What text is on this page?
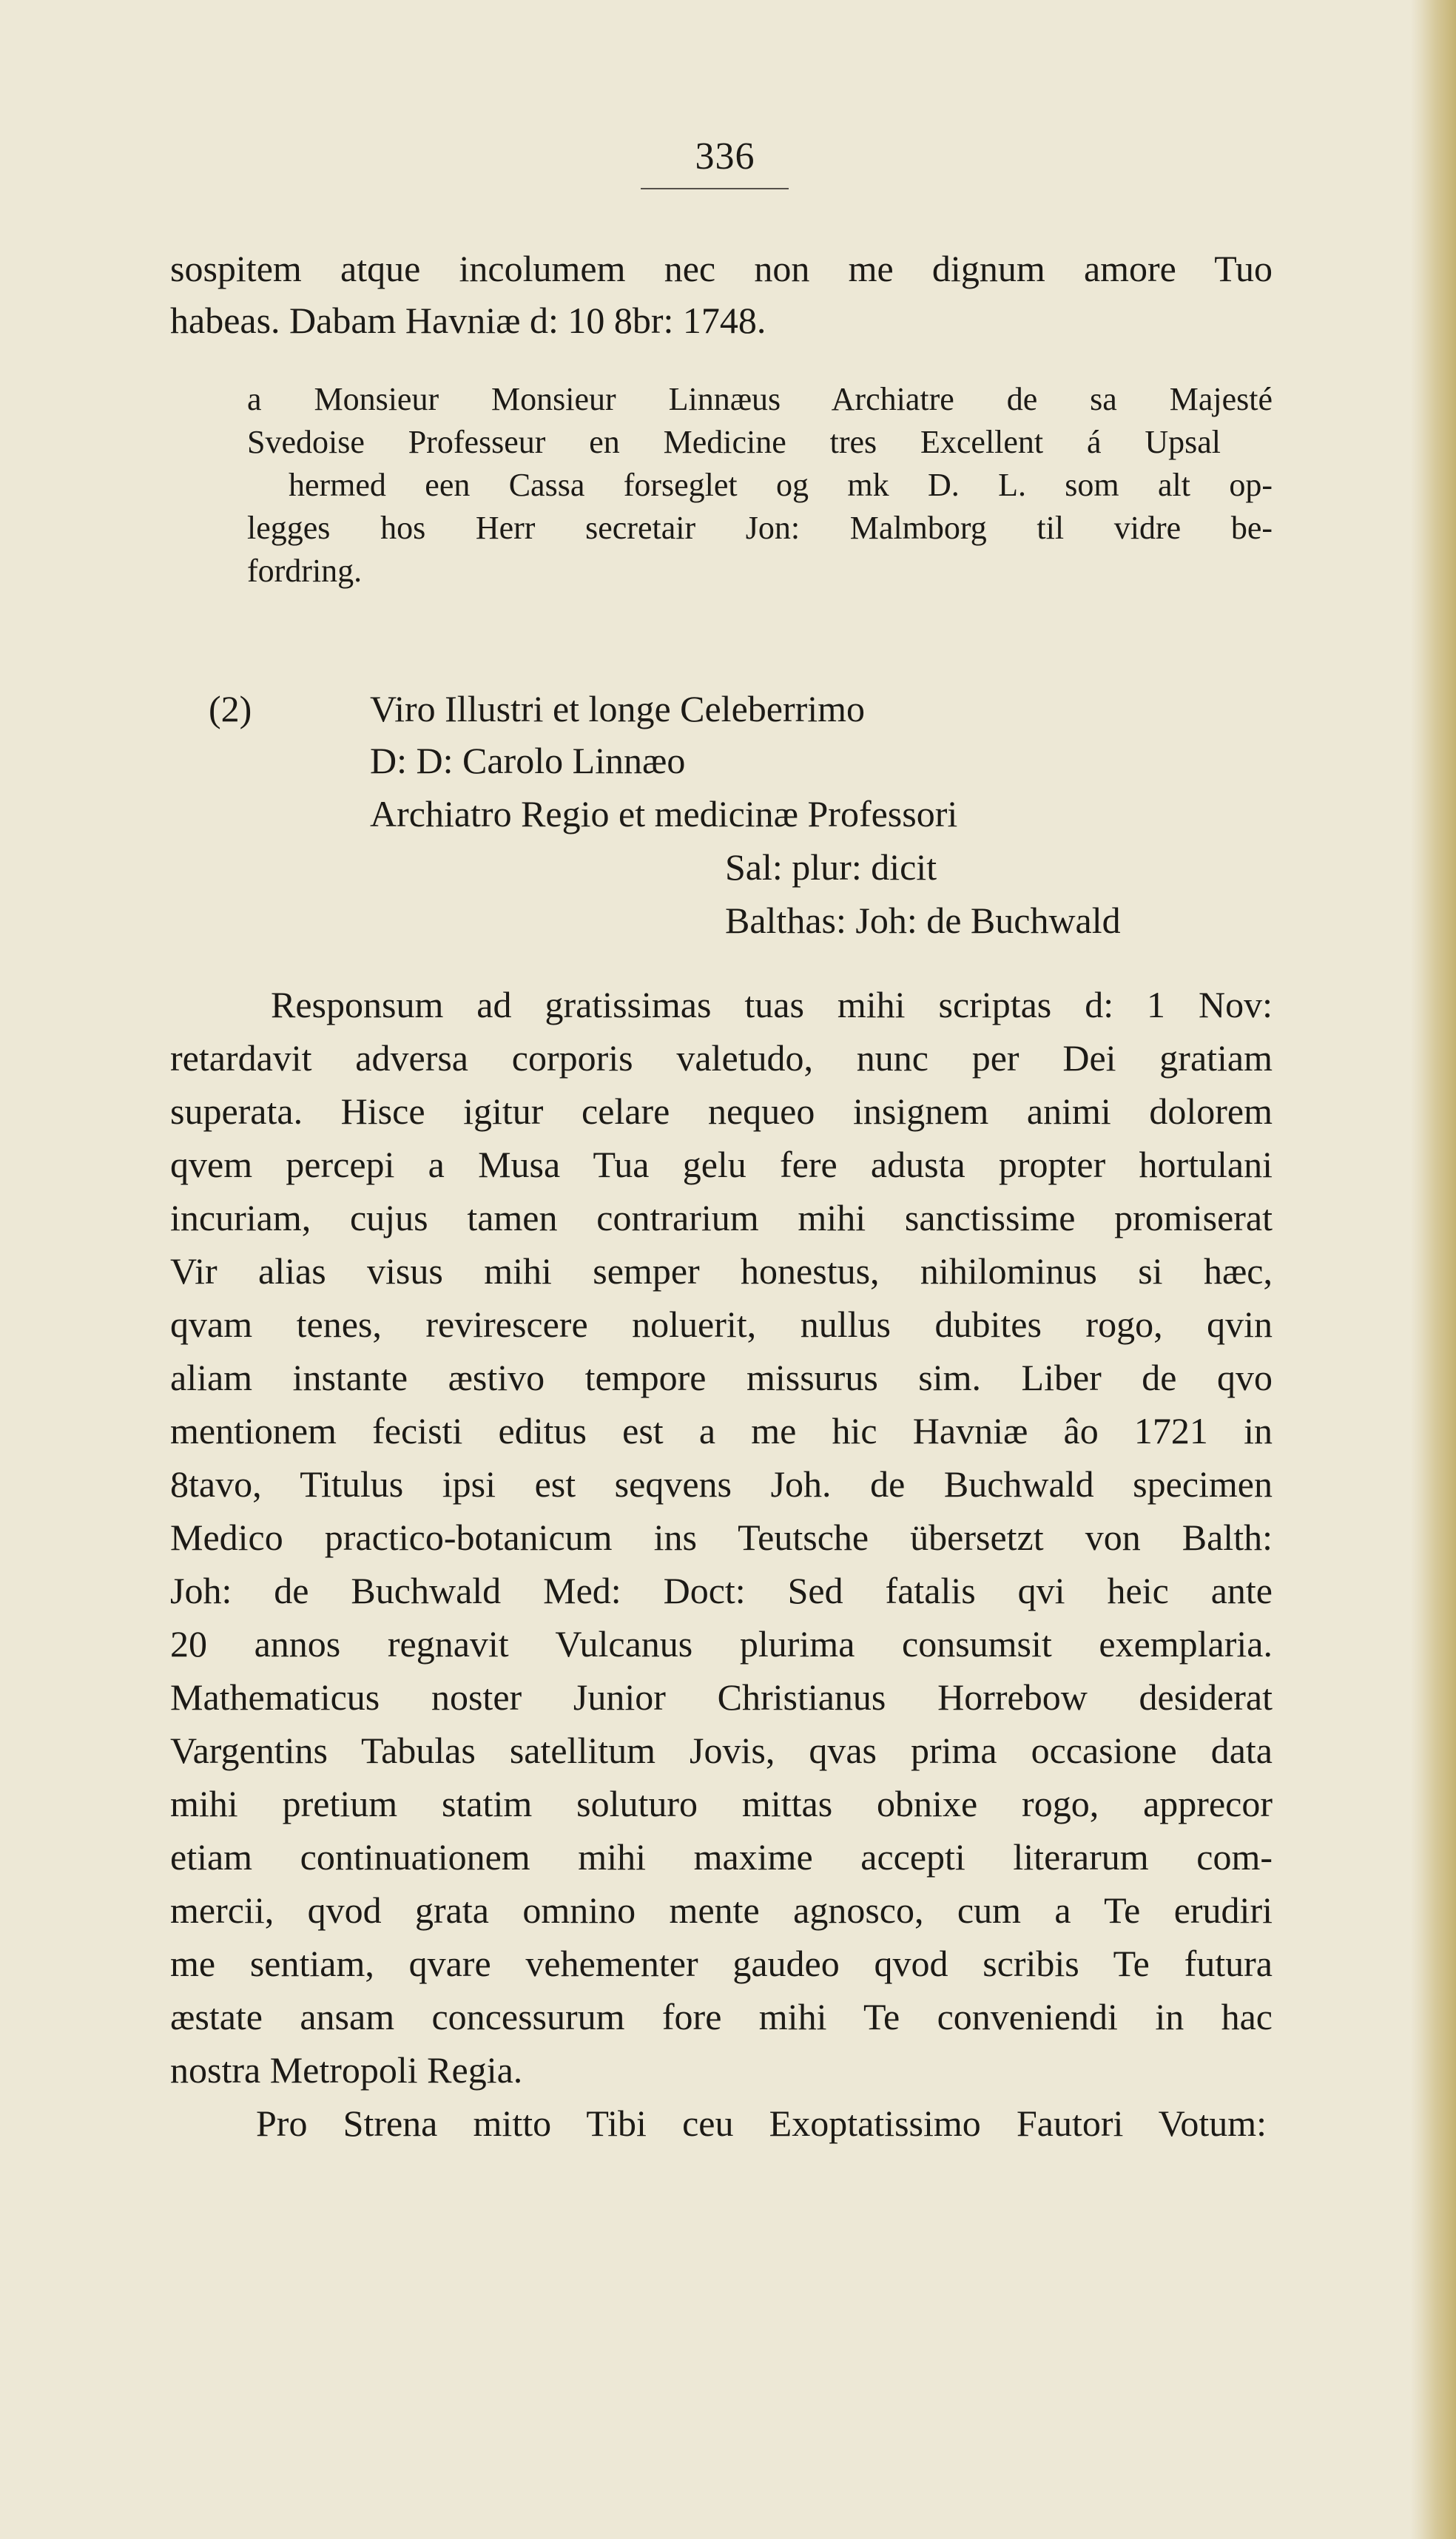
336
sospitem atque incolumem nec non me dignum amore Tuo
habeas. Dabam Havniæ d: 10 8br: 1748.
a Monsieur Monsieur Linnæus Archiatre de sa Majesté
Svedoise Professeur en Medicine tres Excellent á Upsal
hermed een Cassa forseglet og mk D. L. som alt op-
legges hos Herr secretair Jon: Malmborg til vidre be-
fordring.
(2)	Viro Illustri et longe Celeberrimo
D: D: Carolo Linnæo
Archiatro Regio et medicinæ Professori
Sal: plur: dicit
Balthas: Joh: de Buchwald
Responsum ad gratissimas tuas mihi scriptas d: 1 Nov:
retardavit adversa corporis valetudo, nunc per Dei gratiam
superata. Hisce igitur celare nequeo insignem animi dolorem
qvem percepi a Musa Tua gelu fere adusta propter hortulani
incuriam, cujus tamen contrarium mihi sanctissime promiserat
Vir alias visus mihi semper honestus, nihilominus si hæc,
qvam tenes, revirescere noluerit, nullus dubites rogo, qvin
aliam instante æstivo tempore missurus sim. Liber de qvo
mentionem fecisti editus est a me hic Havniæ âo 1721 in
8tavo, Titulus ipsi est seqvens Joh. de Buchwald specimen
Medico practico-botanicum ins Teutsche übersetzt von Balth:
Joh: de Buchwald Med: Doct: Sed fatalis qvi heic ante
20 annos regnavit Vulcanus plurima consumsit exemplaria.
Mathematicus noster Junior Christianus Horrebow desiderat
Vargentins Tabulas satellitum Jovis, qvas prima occasione data
mihi pretium statim soluturo mittas obnixe rogo, apprecor
etiam continuationem mihi maxime accepti literarum com-
mercii, qvod grata omnino mente agnosco, cum a Te erudiri
me sentiam, qvare vehementer gaudeo qvod scribis Te futura
æstate ansam concessurum fore mihi Te conveniendi in hac
nostra Metropoli Regia.
Pro Strena mitto Tibi ceu Exoptatissimo Fautori Votum:
